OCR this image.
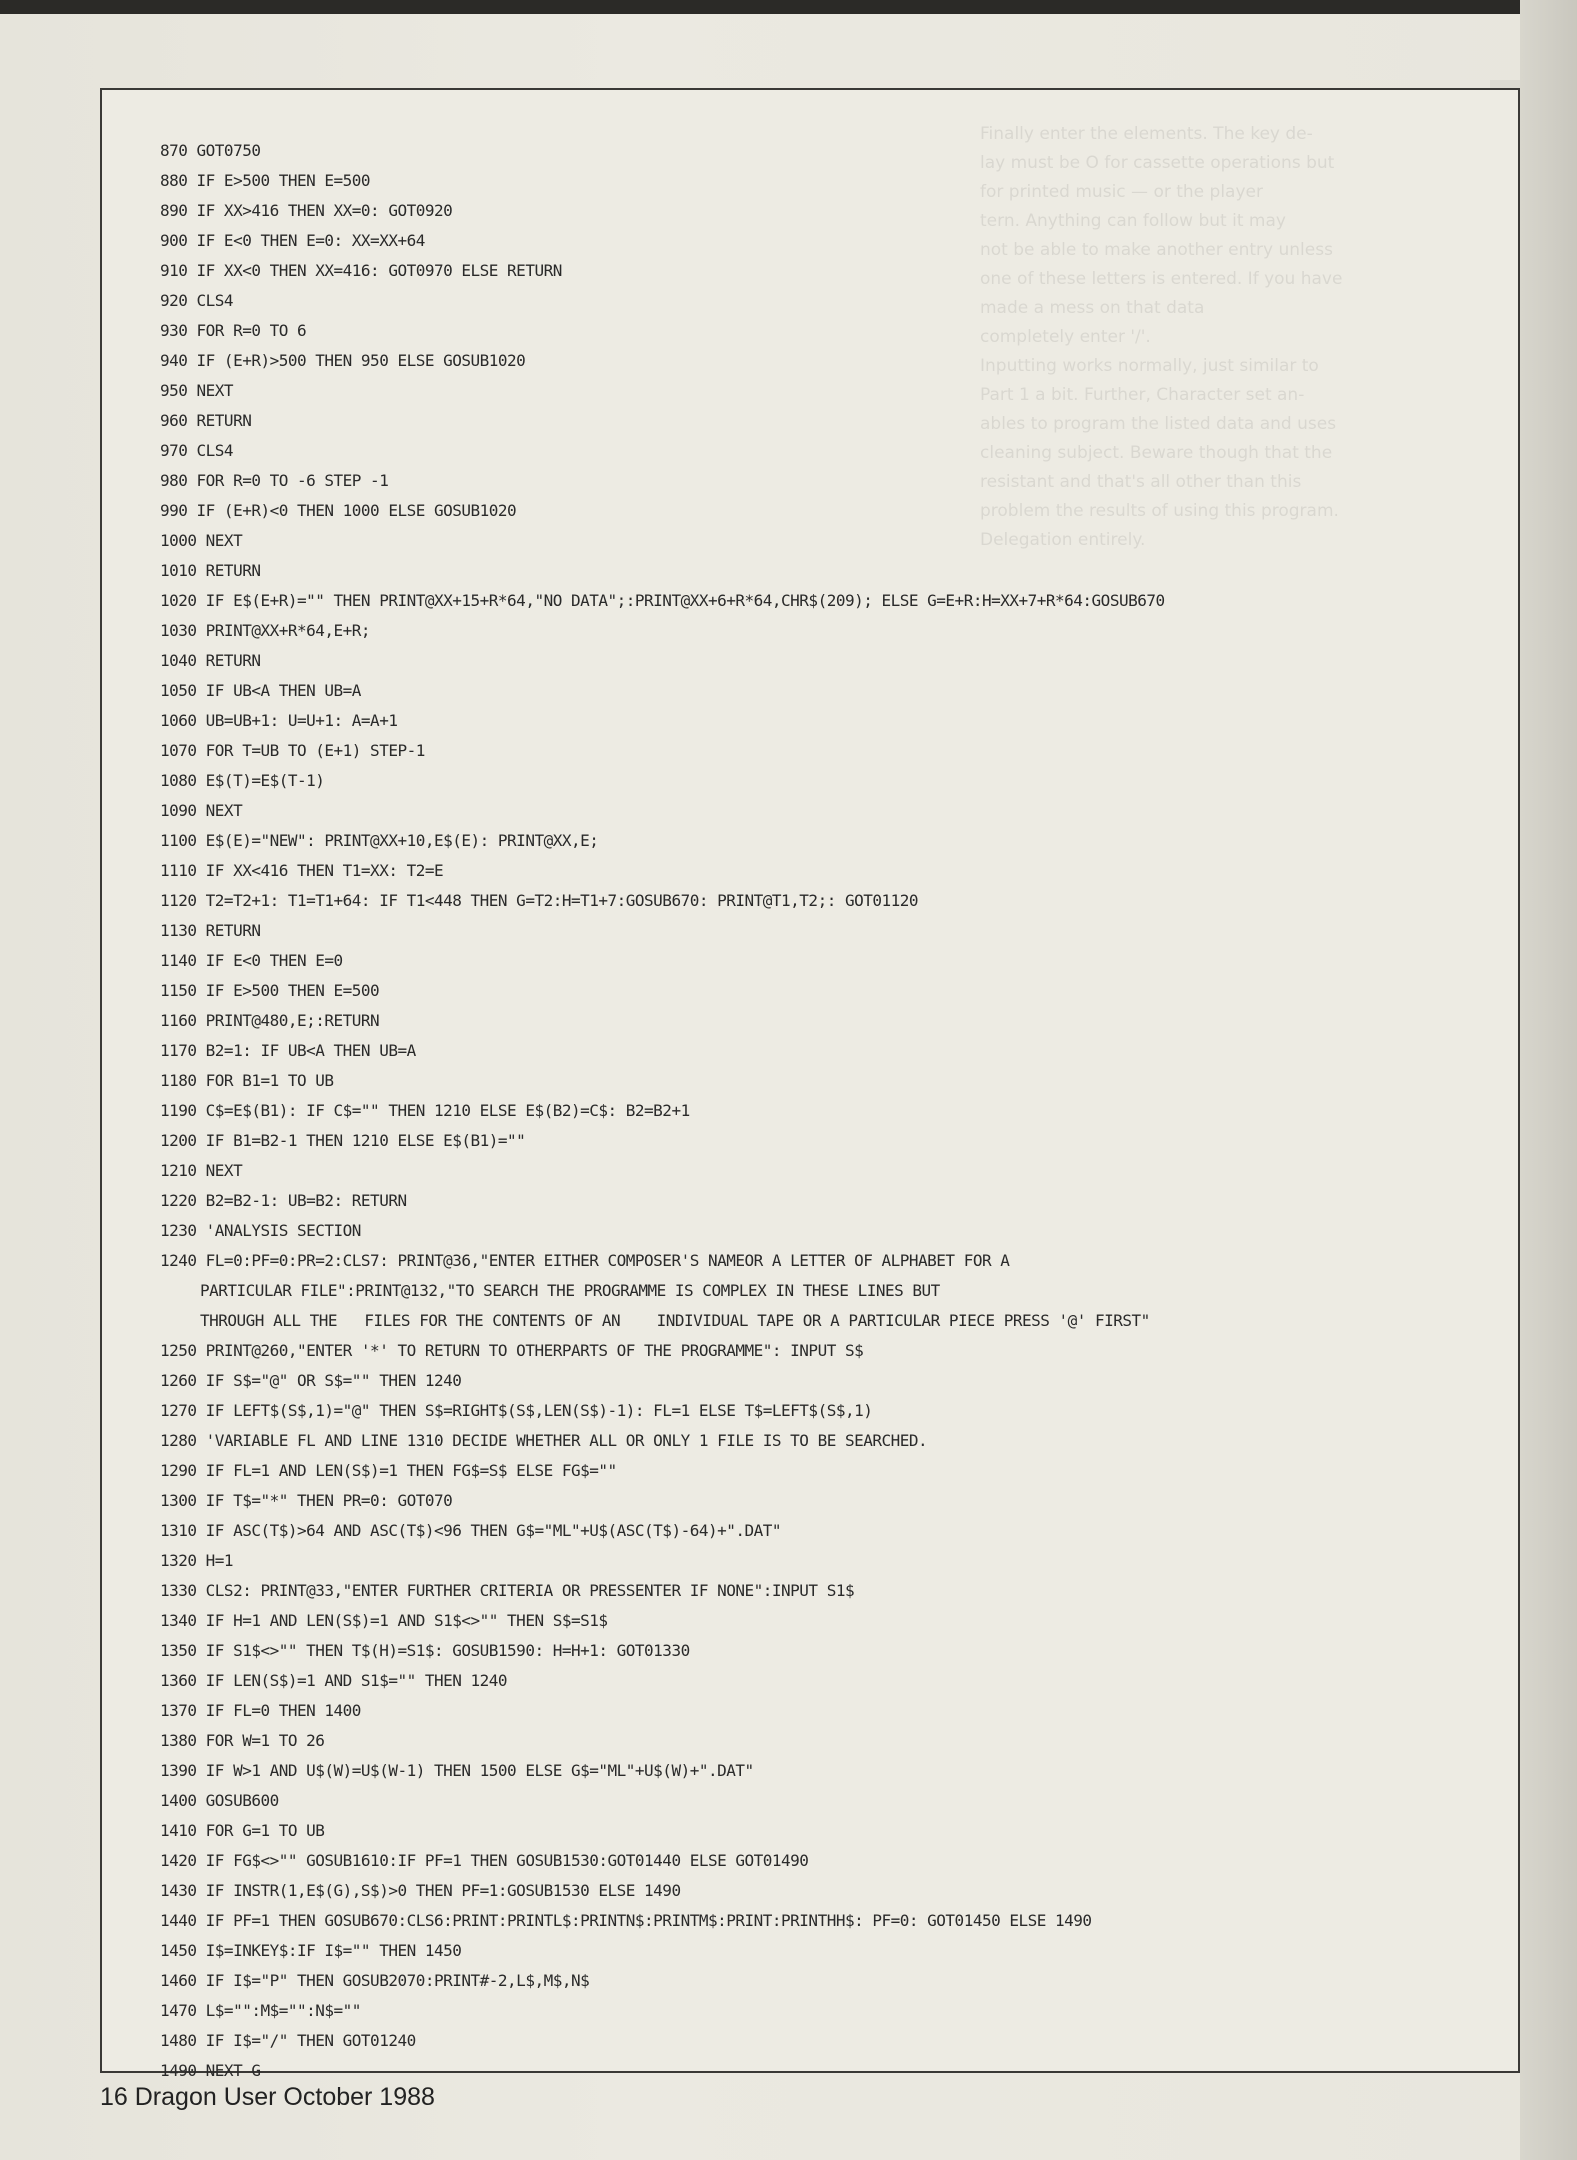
Finally enter the elements. The key de-
lay must be O for cassette operations but
for printed music — or the player
tern. Anything can follow but it may
not be able to make another entry unless
one of these letters is entered. If you have
made a mess on that data
completely enter '/'.
Inputting works normally, just similar to
Part 1 a bit. Further, Character set an-
ables to program the listed data and uses
cleaning subject. Beware though that the
resistant and that's all other than this
problem the results of using this program.
Delegation entirely.
870 GOT0750
880 IF E>500 THEN E=500
890 IF XX>416 THEN XX=0: GOT0920
900 IF E<0 THEN E=0: XX=XX+64
910 IF XX<0 THEN XX=416: GOT0970 ELSE RETURN
920 CLS4
930 FOR R=0 TO 6
940 IF (E+R)>500 THEN 950 ELSE GOSUB1020
950 NEXT
960 RETURN
970 CLS4
980 FOR R=0 TO -6 STEP -1
990 IF (E+R)<0 THEN 1000 ELSE GOSUB1020
1000 NEXT
1010 RETURN
1020 IF E$(E+R)="" THEN PRINT@XX+15+R*64,"NO DATA";:PRINT@XX+6+R*64,CHR$(209); ELSE G=E+R:H=XX+7+R*64:GOSUB670
1030 PRINT@XX+R*64,E+R;
1040 RETURN
1050 IF UB<A THEN UB=A
1060 UB=UB+1: U=U+1: A=A+1
1070 FOR T=UB TO (E+1) STEP-1
1080 E$(T)=E$(T-1)
1090 NEXT
1100 E$(E)="NEW": PRINT@XX+10,E$(E): PRINT@XX,E;
1110 IF XX<416 THEN T1=XX: T2=E
1120 T2=T2+1: T1=T1+64: IF T1<448 THEN G=T2:H=T1+7:GOSUB670: PRINT@T1,T2;: GOT01120
1130 RETURN
1140 IF E<0 THEN E=0
1150 IF E>500 THEN E=500
1160 PRINT@480,E;:RETURN
1170 B2=1: IF UB<A THEN UB=A
1180 FOR B1=1 TO UB
1190 C$=E$(B1): IF C$="" THEN 1210 ELSE E$(B2)=C$: B2=B2+1
1200 IF B1=B2-1 THEN 1210 ELSE E$(B1)=""
1210 NEXT
1220 B2=B2-1: UB=B2: RETURN
1230 'ANALYSIS SECTION
1240 FL=0:PF=0:PR=2:CLS7: PRINT@36,"ENTER EITHER COMPOSER'S NAMEOR A LETTER OF ALPHABET FOR A
PARTICULAR FILE":PRINT@132,"TO SEARCH THE PROGRAMME IS COMPLEX IN THESE LINES BUT
THROUGH ALL THE   FILES FOR THE CONTENTS OF AN    INDIVIDUAL TAPE OR A PARTICULAR PIECE PRESS '@' FIRST"
1250 PRINT@260,"ENTER '*' TO RETURN TO OTHERPARTS OF THE PROGRAMME": INPUT S$
1260 IF S$="@" OR S$="" THEN 1240
1270 IF LEFT$(S$,1)="@" THEN S$=RIGHT$(S$,LEN(S$)-1): FL=1 ELSE T$=LEFT$(S$,1)
1280 'VARIABLE FL AND LINE 1310 DECIDE WHETHER ALL OR ONLY 1 FILE IS TO BE SEARCHED.
1290 IF FL=1 AND LEN(S$)=1 THEN FG$=S$ ELSE FG$=""
1300 IF T$="*" THEN PR=0: GOT070
1310 IF ASC(T$)>64 AND ASC(T$)<96 THEN G$="ML"+U$(ASC(T$)-64)+".DAT"
1320 H=1
1330 CLS2: PRINT@33,"ENTER FURTHER CRITERIA OR PRESSENTER IF NONE":INPUT S1$
1340 IF H=1 AND LEN(S$)=1 AND S1$<>"" THEN S$=S1$
1350 IF S1$<>"" THEN T$(H)=S1$: GOSUB1590: H=H+1: GOT01330
1360 IF LEN(S$)=1 AND S1$="" THEN 1240
1370 IF FL=0 THEN 1400
1380 FOR W=1 TO 26
1390 IF W>1 AND U$(W)=U$(W-1) THEN 1500 ELSE G$="ML"+U$(W)+".DAT"
1400 GOSUB600
1410 FOR G=1 TO UB
1420 IF FG$<>"" GOSUB1610:IF PF=1 THEN GOSUB1530:GOT01440 ELSE GOT01490
1430 IF INSTR(1,E$(G),S$)>0 THEN PF=1:GOSUB1530 ELSE 1490
1440 IF PF=1 THEN GOSUB670:CLS6:PRINT:PRINTL$:PRINTN$:PRINTM$:PRINT:PRINTHH$: PF=0: GOT01450 ELSE 1490
1450 I$=INKEY$:IF I$="" THEN 1450
1460 IF I$="P" THEN GOSUB2070:PRINT#-2,L$,M$,N$
1470 L$="":M$="":N$=""
1480 IF I$="/" THEN GOT01240
1490 NEXT G
16 Dragon User October 1988
